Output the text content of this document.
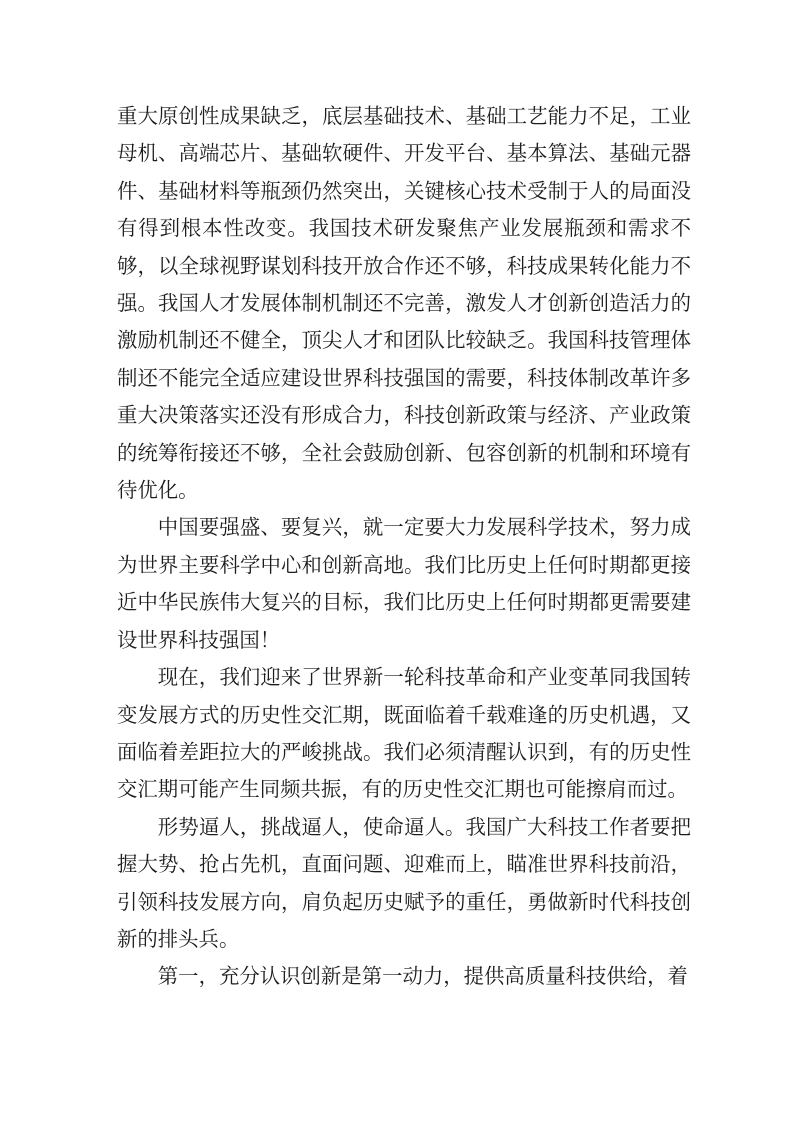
重大原创性成果缺乏，底层基础技术、基础工艺能力不足，工业母机、高端芯片、基础软硬件、开发平台、基本算法、基础元器件、基础材料等瓶颈仍然突出，关键核心技术受制于人的局面没有得到根本性改变。我国技术研发聚焦产业发展瓶颈和需求不够，以全球视野谋划科技开放合作还不够，科技成果转化能力不强。我国人才发展体制机制还不完善，激发人才创新创造活力的激励机制还不健全，顶尖人才和团队比较缺乏。我国科技管理体制还不能完全适应建设世界科技强国的需要，科技体制改革许多重大决策落实还没有形成合力，科技创新政策与经济、产业政策的统筹衔接还不够，全社会鼓励创新、包容创新的机制和环境有待优化。

中国要强盛、要复兴，就一定要大力发展科学技术，努力成为世界主要科学中心和创新高地。我们比历史上任何时期都更接近中华民族伟大复兴的目标，我们比历史上任何时期都更需要建设世界科技强国！

现在，我们迎来了世界新一轮科技革命和产业变革同我国转变发展方式的历史性交汇期，既面临着千载难逢的历史机遇，又面临着差距拉大的严峻挑战。我们必须清醒认识到，有的历史性交汇期可能产生同频共振，有的历史性交汇期也可能擦肩而过。

形势逼人，挑战逼人，使命逼人。我国广大科技工作者要把握大势、抢占先机，直面问题、迎难而上，瞄准世界科技前沿，引领科技发展方向，肩负起历史赋予的重任，勇做新时代科技创新的排头兵。

第一，充分认识创新是第一动力，提供高质量科技供给，着
